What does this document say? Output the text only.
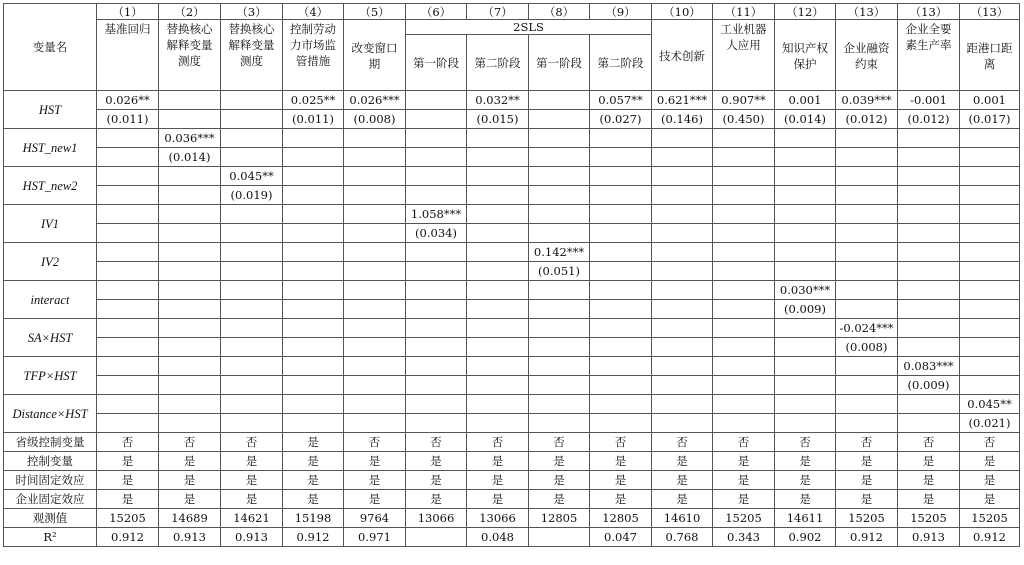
变量名	（1）	（2）	（3）	（4）	（5）	（6）	（7）	（8）	（9）	（10）	（11）	（12）	（13）	（13）	（13）
	基准回归	替换核心解释变量测度	替换核心解释变量测度	控制劳动力市场监管措施	改变窗口期	2SLS				技术创新	工业机器人应用	知识产权保护	企业融资约束	企业全要素生产率	距港口距离
						第一阶段	第二阶段	第一阶段	第二阶段						
HST	0.026**			0.025**	0.026***		0.032**		0.057**	0.621***	0.907**	0.001	0.039***	-0.001	0.001
	(0.011)			(0.011)	(0.008)		(0.015)		(0.027)	(0.146)	(0.450)	(0.014)	(0.012)	(0.012)	(0.017)
HST_new1		0.036***													
		(0.014)													
HST_new2			0.045**												
			(0.019)												
IV1						1.058***									
						(0.034)									
IV2								0.142***							
								(0.051)							
interact												0.030***			
												(0.009)			
SA×HST													-0.024***		
													(0.008)		
TFP×HST														0.083***	
														(0.009)	
Distance×HST															0.045**
															(0.021)
省级控制变量	否	否	否	是	否	否	否	否	否	否	否	否	否	否	否
控制变量	是	是	是	是	是	是	是	是	是	是	是	是	是	是	是
时间固定效应	是	是	是	是	是	是	是	是	是	是	是	是	是	是	是
企业固定效应	是	是	是	是	是	是	是	是	是	是	是	是	是	是	是
观测值	15205	14689	14621	15198	9764	13066	13066	12805	12805	14610	15205	14611	15205	15205	15205
R²	0.912	0.913	0.913	0.912	0.971		0.048		0.047	0.768	0.343	0.902	0.912	0.913	0.912
